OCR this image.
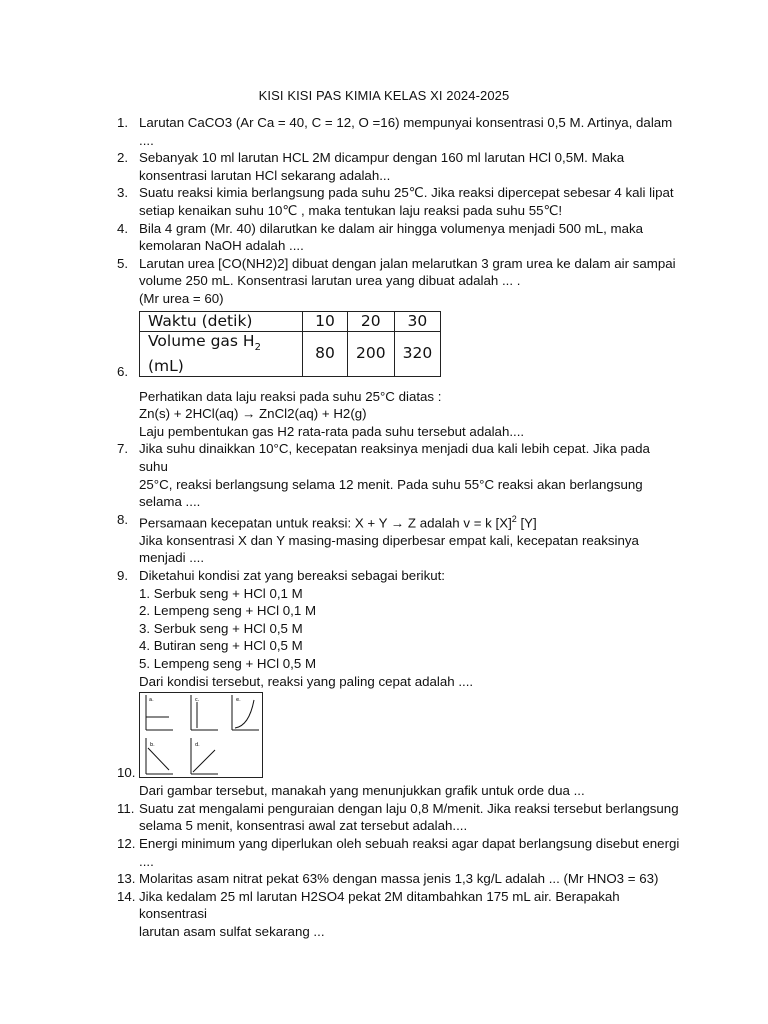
KISI KISI PAS KIMIA KELAS XI 2024-2025
1. Larutan CaCO3 (Ar Ca = 40, C = 12, O =16) mempunyai konsentrasi 0,5 M. Artinya, dalam ....
2. Sebanyak 10 ml larutan HCL 2M dicampur dengan 160 ml larutan HCl 0,5M. Maka
konsentrasi larutan HCl sekarang adalah...
3. Suatu reaksi kimia berlangsung pada suhu 25℃. Jika reaksi dipercepat sebesar 4 kali lipat
setiap kenaikan suhu 10℃ , maka tentukan laju reaksi pada suhu 55℃!
4. Bila 4 gram (Mr. 40) dilarutkan ke dalam air hingga volumenya menjadi 500 mL, maka
kemolaran NaOH adalah ....
5. Larutan urea [CO(NH2)2] dibuat dengan jalan melarutkan 3 gram urea ke dalam air sampai
volume 250 mL. Konsentrasi larutan urea yang dibuat adalah ... .
(Mr urea = 60)
Waktu (detik)	10	20	30
Volume gas $H_2$ (mL)	80	200	320
6.
Perhatikan data laju reaksi pada suhu 25°C diatas :
Zn(s) + 2HCl(aq) → ZnCl2(aq) + H2(g)
Laju pembentukan gas H2 rata-rata pada suhu tersebut adalah....
7. Jika suhu dinaikkan 10°C, kecepatan reaksinya menjadi dua kali lebih cepat. Jika pada suhu
25°C, reaksi berlangsung selama 12 menit. Pada suhu 55°C reaksi akan berlangsung
selama ....
8. Persamaan kecepatan untuk reaksi: X + Y → Z adalah v = k $[X]^2$ [Y]
Jika konsentrasi X dan Y masing-masing diperbesar empat kali, kecepatan reaksinya
menjadi ....
9. Diketahui kondisi zat yang bereaksi sebagai berikut:
1. Serbuk seng + HCl 0,1 M
2. Lempeng seng + HCl 0,1 M
3. Serbuk seng + HCl 0,5 M
4. Butiran seng + HCl 0,5 M
5. Lempeng seng + HCl 0,5 M
Dari kondisi tersebut, reaksi yang paling cepat adalah ....
a.	c.	e.
b.	d.
10.
Dari gambar tersebut, manakah yang menunjukkan grafik untuk orde dua ...
11. Suatu zat mengalami penguraian dengan laju 0,8 M/menit. Jika reaksi tersebut berlangsung
selama 5 menit, konsentrasi awal zat tersebut adalah....
12. Energi minimum yang diperlukan oleh sebuah reaksi agar dapat berlangsung disebut energi
....
13. Molaritas asam nitrat pekat 63% dengan massa jenis 1,3 kg/L adalah ... (Mr HNO3 = 63)
14. Jika kedalam 25 ml larutan H2SO4 pekat 2M ditambahkan 175 mL air. Berapakah konsentrasi
larutan asam sulfat sekarang ...
